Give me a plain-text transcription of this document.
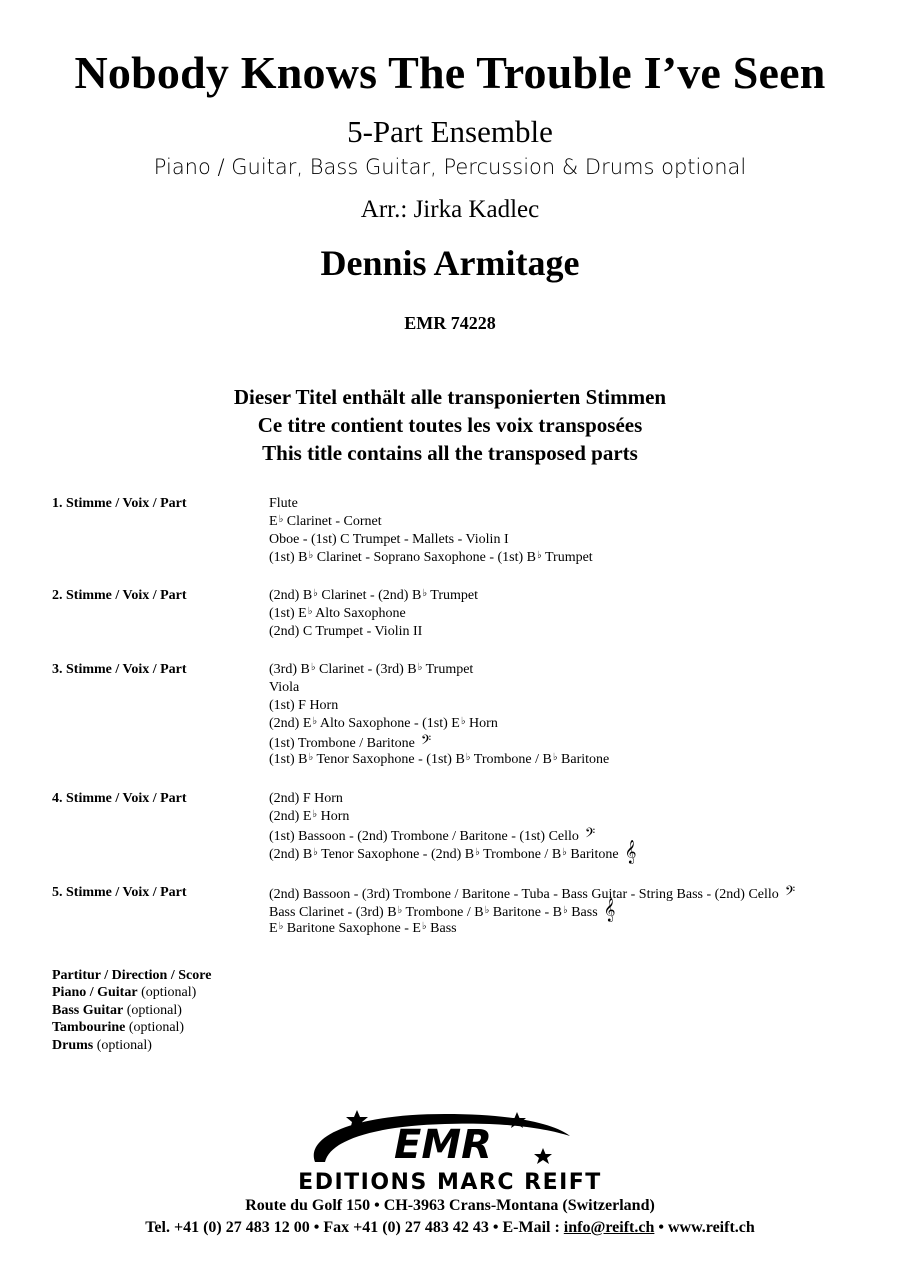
Nobody Knows The Trouble I’ve Seen
5-Part Ensemble
Piano / Guitar, Bass Guitar, Percussion & Drums optional
Arr.: Jirka Kadlec
Dennis Armitage
EMR 74228
Dieser Titel enthält alle transponierten Stimmen
Ce titre contient toutes les voix transposées
This title contains all the transposed parts
1. Stimme / Voix / Part	Flute
E♭ Clarinet - Cornet
Oboe - (1st) C Trumpet - Mallets - Violin I
(1st) B♭ Clarinet - Soprano Saxophone - (1st) B♭ Trumpet
2. Stimme / Voix / Part	(2nd) B♭ Clarinet - (2nd) B♭ Trumpet
(1st) E♭ Alto Saxophone
(2nd) C Trumpet - Violin II
3. Stimme / Voix / Part	(3rd) B♭ Clarinet - (3rd) B♭ Trumpet
Viola
(1st) F Horn
(2nd) E♭ Alto Saxophone - (1st) E♭ Horn
(1st) Trombone / Baritone 𝄢
(1st) B♭ Tenor Saxophone - (1st) B♭ Trombone / B♭ Baritone
4. Stimme / Voix / Part	(2nd) F Horn
(2nd) E♭ Horn
(1st) Bassoon - (2nd) Trombone / Baritone - (1st) Cello 𝄢
(2nd) B♭ Tenor Saxophone - (2nd) B♭ Trombone / B♭ Baritone 𝄞
5. Stimme / Voix / Part	(2nd) Bassoon - (3rd) Trombone / Baritone - Tuba - Bass Guitar - String Bass - (2nd) Cello 𝄢
Bass Clarinet - (3rd) B♭ Trombone / B♭ Baritone - B♭ Bass 𝄞
E♭ Baritone Saxophone - E♭ Bass
Partitur / Direction / Score
Piano / Guitar (optional)
Bass Guitar (optional)
Tambourine (optional)
Drums (optional)
EMR
EDITIONS MARC REIFT
Route du Golf 150 • CH-3963 Crans-Montana (Switzerland)
Tel. +41 (0) 27 483 12 00 • Fax +41 (0) 27 483 42 43 • E-Mail : info@reift.ch • www.reift.ch
